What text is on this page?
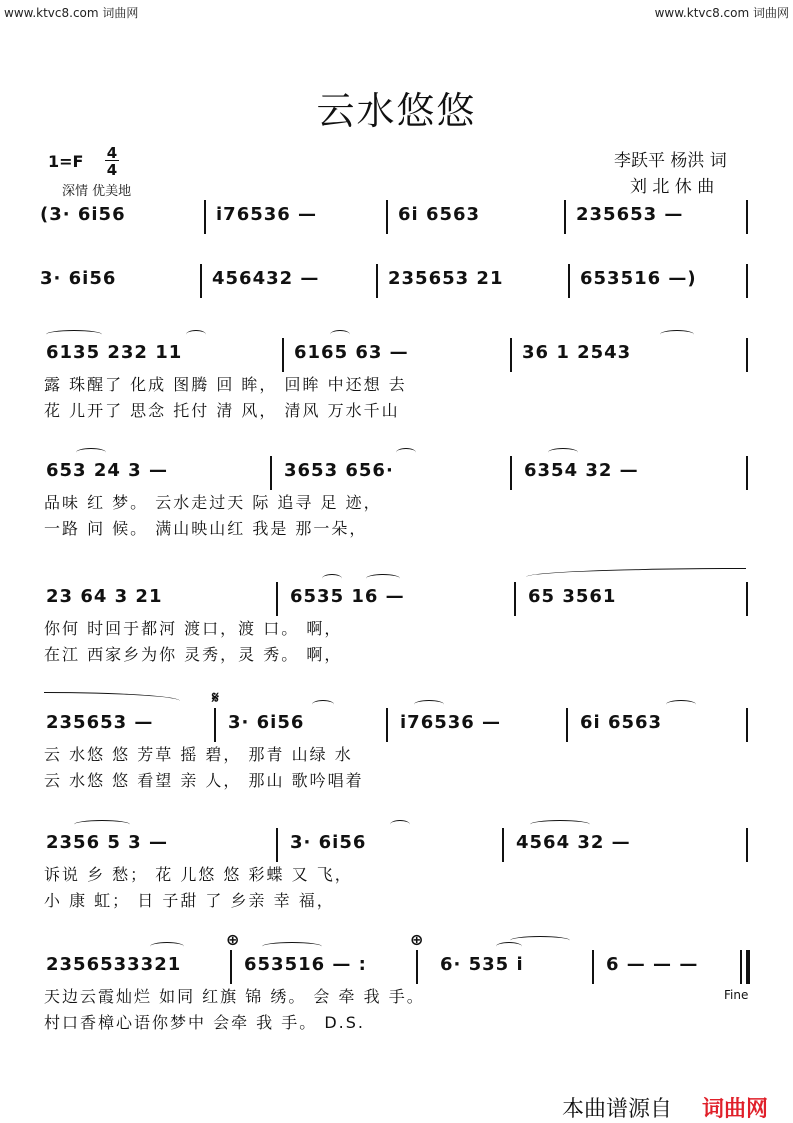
www.ktvc8.com 词曲网	www.ktvc8.com 词曲网
云水悠悠
1=F 4
4
深情 优美地
李跃平 杨洪 词
刘 北 休 曲
(3· 6i56	i76536 —	6i 6563	235653 —
3· 6i56	456432 —	235653 21	653516 —)
6135 232 11	6165 63 —	36 1 2543
露 珠醒了 化成 图腾 回 眸， 回眸 中还想 去
花 儿开了 思念 托付 清 风， 清风 万水千山
653 24 3 —	3653 656·	6354 32 —
品味 红 梦。 云水走过天 际 追寻 足 迹，
一路 问 候。 满山映山红 我是 那一朵，
23 64 3 21	6535 16 —	65 3561
你何 时回于都河 渡口，渡 口。 啊，
在江 西家乡为你 灵秀，灵 秀。 啊，
𝄋
235653 —	3· 6i56	i76536 —	6i 6563
云 水悠 悠 芳草 摇 碧， 那青 山绿 水
云 水悠 悠 看望 亲 人， 那山 歌吟唱着
2356 5 3 —	3· 6i56	4564 32 —
诉说 乡 愁； 花 儿悠 悠 彩蝶 又 飞，
小 康 虹； 日 子甜 了 乡亲 幸 福，
⊕	⊕
2356533321	653516 — :	6· 535 i	6 — — —
天边云霞灿烂 如同 红旗 锦 绣。 会 牵 我 手。
村口香樟心语你梦中 会牵 我 手。 D.S.
Fine
本曲谱源自 词曲网
